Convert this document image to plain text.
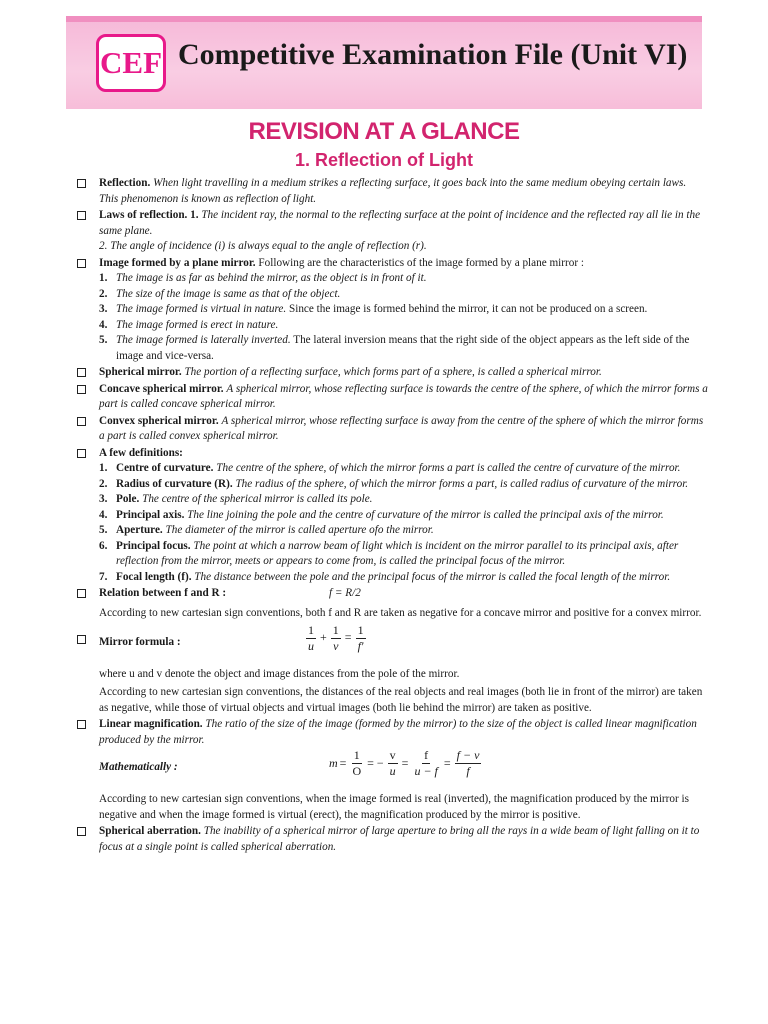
CEF Competitive Examination File (Unit VI)
REVISION AT A GLANCE
1. Reflection of Light
Reflection. When light travelling in a medium strikes a reflecting surface, it goes back into the same medium obeying certain laws. This phenomenon is known as reflection of light.
Laws of reflection. 1. The incident ray, the normal to the reflecting surface at the point of incidence and the reflected ray all lie in the same plane.
2. The angle of incidence (i) is always equal to the angle of reflection (r).
Image formed by a plane mirror. Following are the characteristics of the image formed by a plane mirror :
1. The image is as far as behind the mirror, as the object is in front of it.
2. The size of the image is same as that of the object.
3. The image formed is virtual in nature. Since the image is formed behind the mirror, it can not be produced on a screen.
4. The image formed is erect in nature.
5. The image formed is laterally inverted. The lateral inversion means that the right side of the object appears as the left side of the image and vice-versa.
Spherical mirror. The portion of a reflecting surface, which forms part of a sphere, is called a spherical mirror.
Concave spherical mirror. A spherical mirror, whose reflecting surface is towards the centre of the sphere, of which the mirror forms a part is called concave spherical mirror.
Convex spherical mirror. A spherical mirror, whose reflecting surface is away from the centre of the sphere of which the mirror forms a part is called convex spherical mirror.
A few definitions:
1. Centre of curvature. The centre of the sphere, of which the mirror forms a part is called the centre of curvature of the mirror.
2. Radius of curvature (R). The radius of the sphere, of which the mirror forms a part, is called radius of curvature of the mirror.
3. Pole. The centre of the spherical mirror is called its pole.
4. Principal axis. The line joining the pole and the centre of curvature of the mirror is called the principal axis of the mirror.
5. Aperture. The diameter of the mirror is called aperture ofo the mirror.
6. Principal focus. The point at which a narrow beam of light which is incident on the mirror parallel to its principal axis, after reflection from the mirror, meets or appears to come from, is called the principal focus of the mirror.
7. Focal length (f). The distance between the pole and the principal focus of the mirror is called the focal length of the mirror.
Relation between f and R :	f = R/2
According to new cartesian sign conventions, both f and R are taken as negative for a concave mirror and positive for a convex mirror.
Mirror formula :	$\frac{1}{u} + \frac{1}{v} = \frac{1}{f'}$
where u and v denote the object and image distances from the pole of the mirror.
According to new cartesian sign conventions, the distances of the real objects and real images (both lie in front of the mirror) are taken as negative, while those of virtual objects and virtual images (both lie behind the mirror) are taken as positive.
Linear magnification. The ratio of the size of the image (formed by the mirror) to the size of the object is called linear magnification produced by the mirror.
Mathematically :	$m = \frac{1}{O}$ = − $\frac{v}{u} = \frac{f}{u - f} = \frac{f - v}{f}$
According to new cartesian sign conventions, when the image formed is real (inverted), the magnification produced by the mirror is negative and when the image formed is virtual (erect), the magnification produced by the mirror is positive.
Spherical aberration. The inability of a spherical mirror of large aperture to bring all the rays in a wide beam of light falling on it to focus at a single point is called spherical aberration.
